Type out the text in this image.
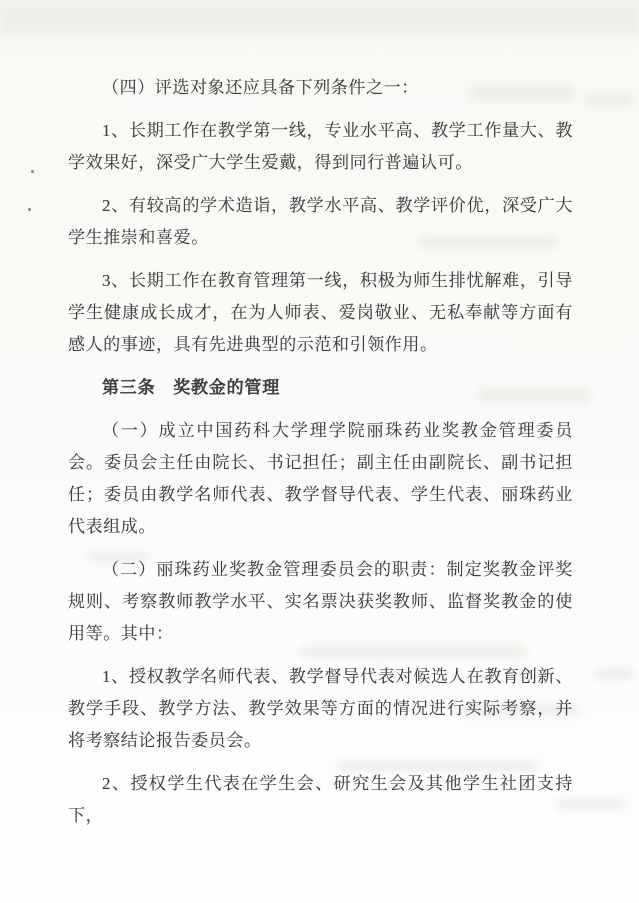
（四）评选对象还应具备下列条件之一：

1、长期工作在教学第一线，专业水平高、教学工作量大、教学效果好，深受广大学生爱戴，得到同行普遍认可。

2、有较高的学术造诣，教学水平高、教学评价优，深受广大学生推崇和喜爱。

3、长期工作在教育管理第一线，积极为师生排忧解难，引导学生健康成长成才，在为人师表、爱岗敬业、无私奉献等方面有感人的事迹，具有先进典型的示范和引领作用。

第三条　奖教金的管理

（一）成立中国药科大学理学院丽珠药业奖教金管理委员会。委员会主任由院长、书记担任；副主任由副院长、副书记担任；委员由教学名师代表、教学督导代表、学生代表、丽珠药业代表组成。

（二）丽珠药业奖教金管理委员会的职责：制定奖教金评奖规则、考察教师教学水平、实名票决获奖教师、监督奖教金的使用等。其中：

1、授权教学名师代表、教学督导代表对候选人在教育创新、教学手段、教学方法、教学效果等方面的情况进行实际考察，并将考察结论报告委员会。

2、授权学生代表在学生会、研究生会及其他学生社团支持下，
